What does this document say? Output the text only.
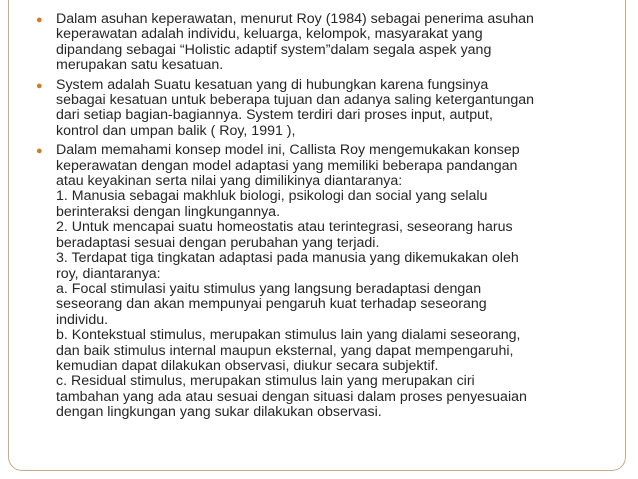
● Dalam asuhan keperawatan, menurut Roy (1984) sebagai penerima asuhan
keperawatan adalah individu, keluarga, kelompok, masyarakat yang
dipandang sebagai “Holistic adaptif system”dalam segala aspek yang
merupakan satu kesatuan.
● System adalah Suatu kesatuan yang di hubungkan karena fungsinya
sebagai kesatuan untuk beberapa tujuan dan adanya saling ketergantungan
dari setiap bagian-bagiannya. System terdiri dari proses input, autput,
kontrol dan umpan balik ( Roy, 1991 ),
● Dalam memahami konsep model ini, Callista Roy mengemukakan konsep
keperawatan dengan model adaptasi yang memiliki beberapa pandangan
atau keyakinan serta nilai yang dimilikinya diantaranya:
1. Manusia sebagai makhluk biologi, psikologi dan social yang selalu
berinteraksi dengan lingkungannya.
2. Untuk mencapai suatu homeostatis atau terintegrasi, seseorang harus
beradaptasi sesuai dengan perubahan yang terjadi.
3. Terdapat tiga tingkatan adaptasi pada manusia yang dikemukakan oleh
roy, diantaranya:
a. Focal stimulasi yaitu stimulus yang langsung beradaptasi dengan
seseorang dan akan mempunyai pengaruh kuat terhadap seseorang
individu.
b. Kontekstual stimulus, merupakan stimulus lain yang dialami seseorang,
dan baik stimulus internal maupun eksternal, yang dapat mempengaruhi,
kemudian dapat dilakukan observasi, diukur secara subjektif.
c. Residual stimulus, merupakan stimulus lain yang merupakan ciri
tambahan yang ada atau sesuai dengan situasi dalam proses penyesuaian
dengan lingkungan yang sukar dilakukan observasi.
